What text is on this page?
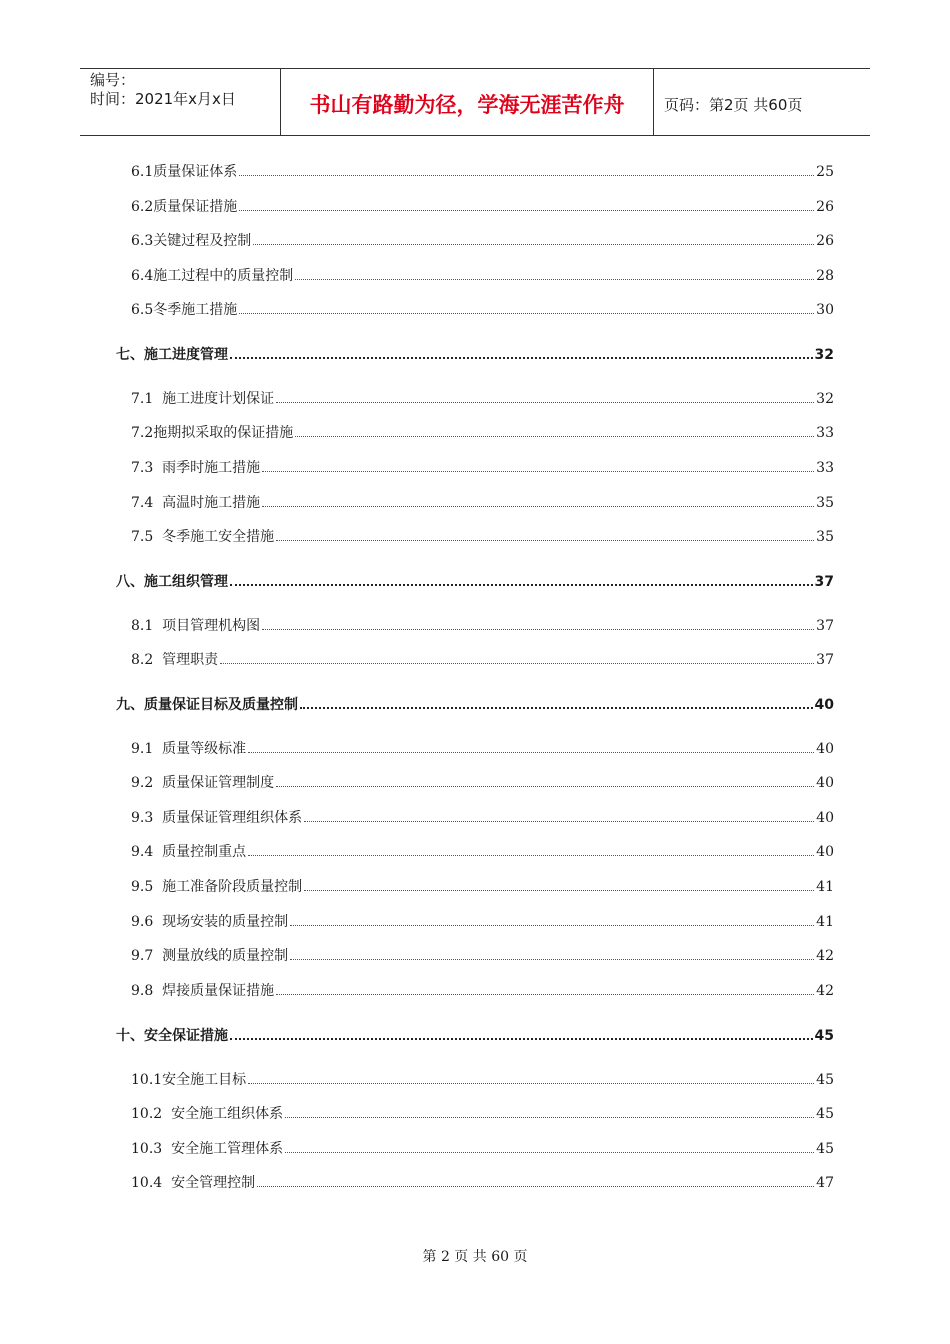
编号：
时间：2021年x月x日	书山有路勤为径，学海无涯苦作舟	页码：第2页 共60页
6.1质量保证体系	25
6.2质量保证措施	26
6.3关键过程及控制	26
6.4施工过程中的质量控制	28
6.5冬季施工措施	30
七、施工进度管理	32
7.1  施工进度计划保证	32
7.2拖期拟采取的保证措施	33
7.3  雨季时施工措施	33
7.4  高温时施工措施	35
7.5  冬季施工安全措施	35
八、施工组织管理	37
8.1  项目管理机构图	37
8.2  管理职责	37
九、质量保证目标及质量控制	40
9.1  质量等级标准	40
9.2  质量保证管理制度	40
9.3  质量保证管理组织体系	40
9.4  质量控制重点	40
9.5  施工准备阶段质量控制	41
9.6  现场安装的质量控制	41
9.7  测量放线的质量控制	42
9.8  焊接质量保证措施	42
十、安全保证措施	45
10.1安全施工目标	45
10.2  安全施工组织体系	45
10.3  安全施工管理体系	45
10.4  安全管理控制	47
第 2 页 共 60 页
